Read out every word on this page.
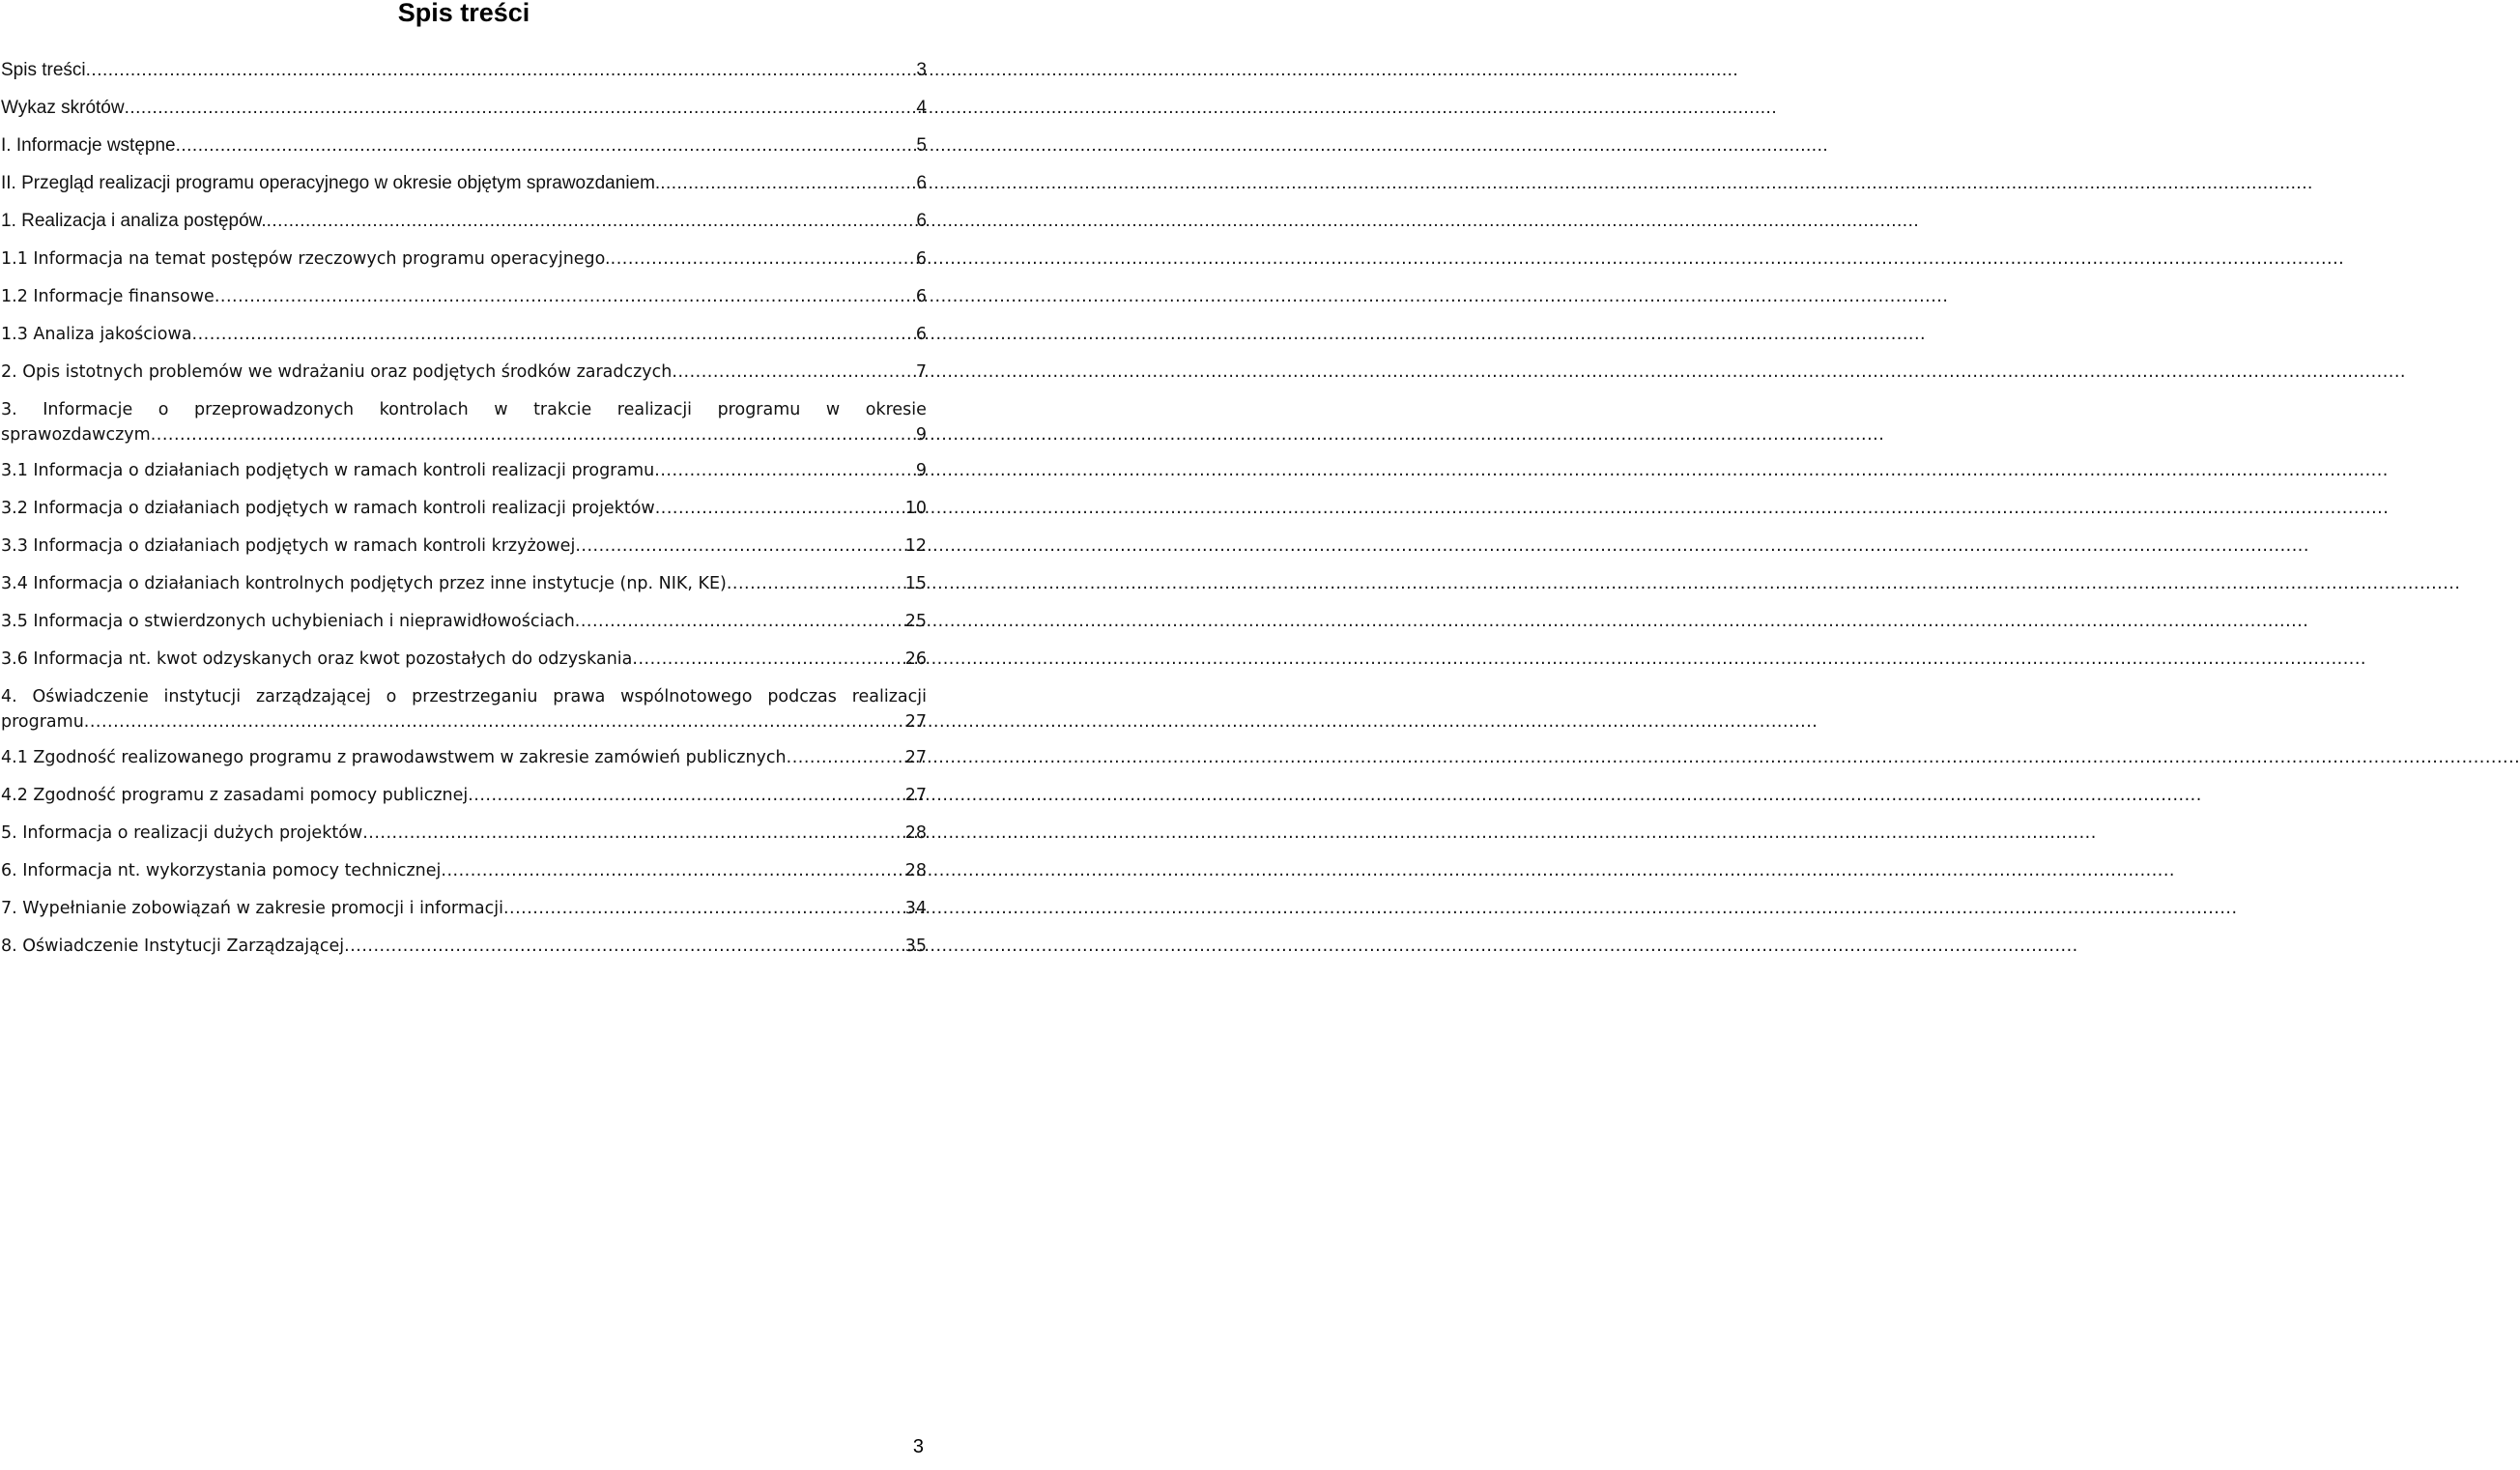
Spis treści
Spis treści .....	3
Wykaz skrótów .....	4
I. Informacje wstępne .....	5
II. Przegląd realizacji programu operacyjnego w okresie objętym sprawozdaniem. .....	6
1. Realizacja i analiza postępów. .....	6
1.1 Informacja na temat postępów rzeczowych programu operacyjnego. .....	6
1.2 Informacje finansowe .....	6
1.3 Analiza jakościowa .....	6
2. Opis istotnych problemów we wdrażaniu oraz podjętych środków zaradczych .....	7
3. Informacje o przeprowadzonych kontrolach w trakcie realizacji programu w okresie
sprawozdawczym .....	9
3.1 Informacja o działaniach podjętych w ramach kontroli realizacji programu .....	9
3.2 Informacja o działaniach podjętych w ramach kontroli realizacji projektów .....	10
3.3 Informacja o działaniach podjętych w ramach kontroli krzyżowej .....	12
3.4 Informacja o działaniach kontrolnych podjętych przez inne instytucje (np. NIK, KE) .....	15
3.5 Informacja o stwierdzonych uchybieniach i nieprawidłowościach .....	25
3.6 Informacja nt. kwot odzyskanych oraz kwot pozostałych do odzyskania .....	26
4. Oświadczenie instytucji zarządzającej o przestrzeganiu prawa wspólnotowego podczas realizacji
programu .....	27
4.1 Zgodność realizowanego programu z prawodawstwem w zakresie zamówień publicznych .....	27
4.2 Zgodność programu z zasadami pomocy publicznej .....	27
5. Informacja o realizacji dużych projektów .....	28
6. Informacja nt. wykorzystania pomocy technicznej .....	28
7. Wypełnianie zobowiązań w zakresie promocji i informacji .....	34
8. Oświadczenie Instytucji Zarządzającej .....	35
3
